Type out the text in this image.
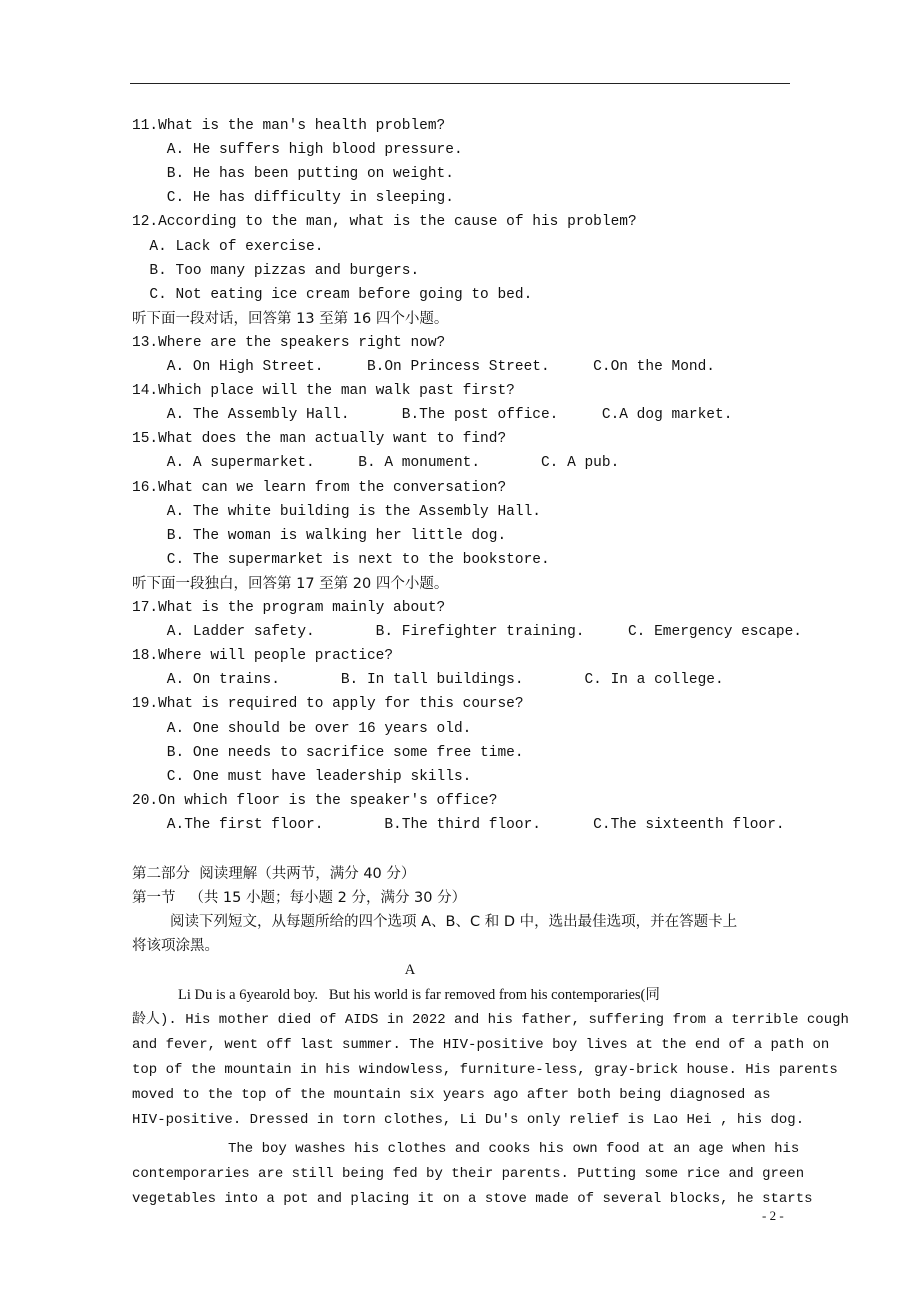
11.What is the man's health problem?
A. He suffers high blood pressure.
B. He has been putting on weight.
C. He has difficulty in sleeping.
12.According to the man, what is the cause of his problem?
A. Lack of exercise.
B. Too many pizzas and burgers.
C. Not eating ice cream before going to bed.
听下面一段对话，回答第 13 至第 16 四个小题。
13.Where are the speakers right now?
A. On High Street.     B.On Princess Street.     C.On the Mond.
14.Which place will the man walk past first?
A. The Assembly Hall.      B.The post office.     C.A dog market.
15.What does the man actually want to find?
A. A supermarket.     B. A monument.       C. A pub.
16.What can we learn from the conversation?
A. The white building is the Assembly Hall.
B. The woman is walking her little dog.
C. The supermarket is next to the bookstore.
听下面一段独白，回答第 17 至第 20 四个小题。
17.What is the program mainly about?
A. Ladder safety.       B. Firefighter training.     C. Emergency escape.
18.Where will people practice?
A. On trains.       B. In tall buildings.       C. In a college.
19.What is required to apply for this course?
A. One should be over 16 years old.
B. One needs to sacrifice some free time.
C. One must have leadership skills.
20.On which floor is the speaker's office?
A.The first floor.       B.The third floor.      C.The sixteenth floor.
第二部分  阅读理解（共两节，满分 40 分）
第一节   （共 15 小题；每小题 2 分，满分 30 分）
阅读下列短文，从每题所给的四个选项 A、B、C 和 D 中，选出最佳选项，并在答题卡上
将该项涂黑。
A
Li Du is a 6yearold boy.   But his world is far removed from his contemporaries(同
龄人). His mother died of AIDS in 2022 and his father, suffering from a terrible cough
and fever, went off last summer. The HIV-positive boy lives at the end of a path on
top of the mountain in his windowless, furniture-less, gray-brick house. His parents
moved to the top of the mountain six years ago after both being diagnosed as
HIV-positive. Dressed in torn clothes, Li Du's only relief is Lao Hei , his dog.
The boy washes his clothes and cooks his own food at an age when his
contemporaries are still being fed by their parents. Putting some rice and green
vegetables into a pot and placing it on a stove made of several blocks, he starts
- 2 -
